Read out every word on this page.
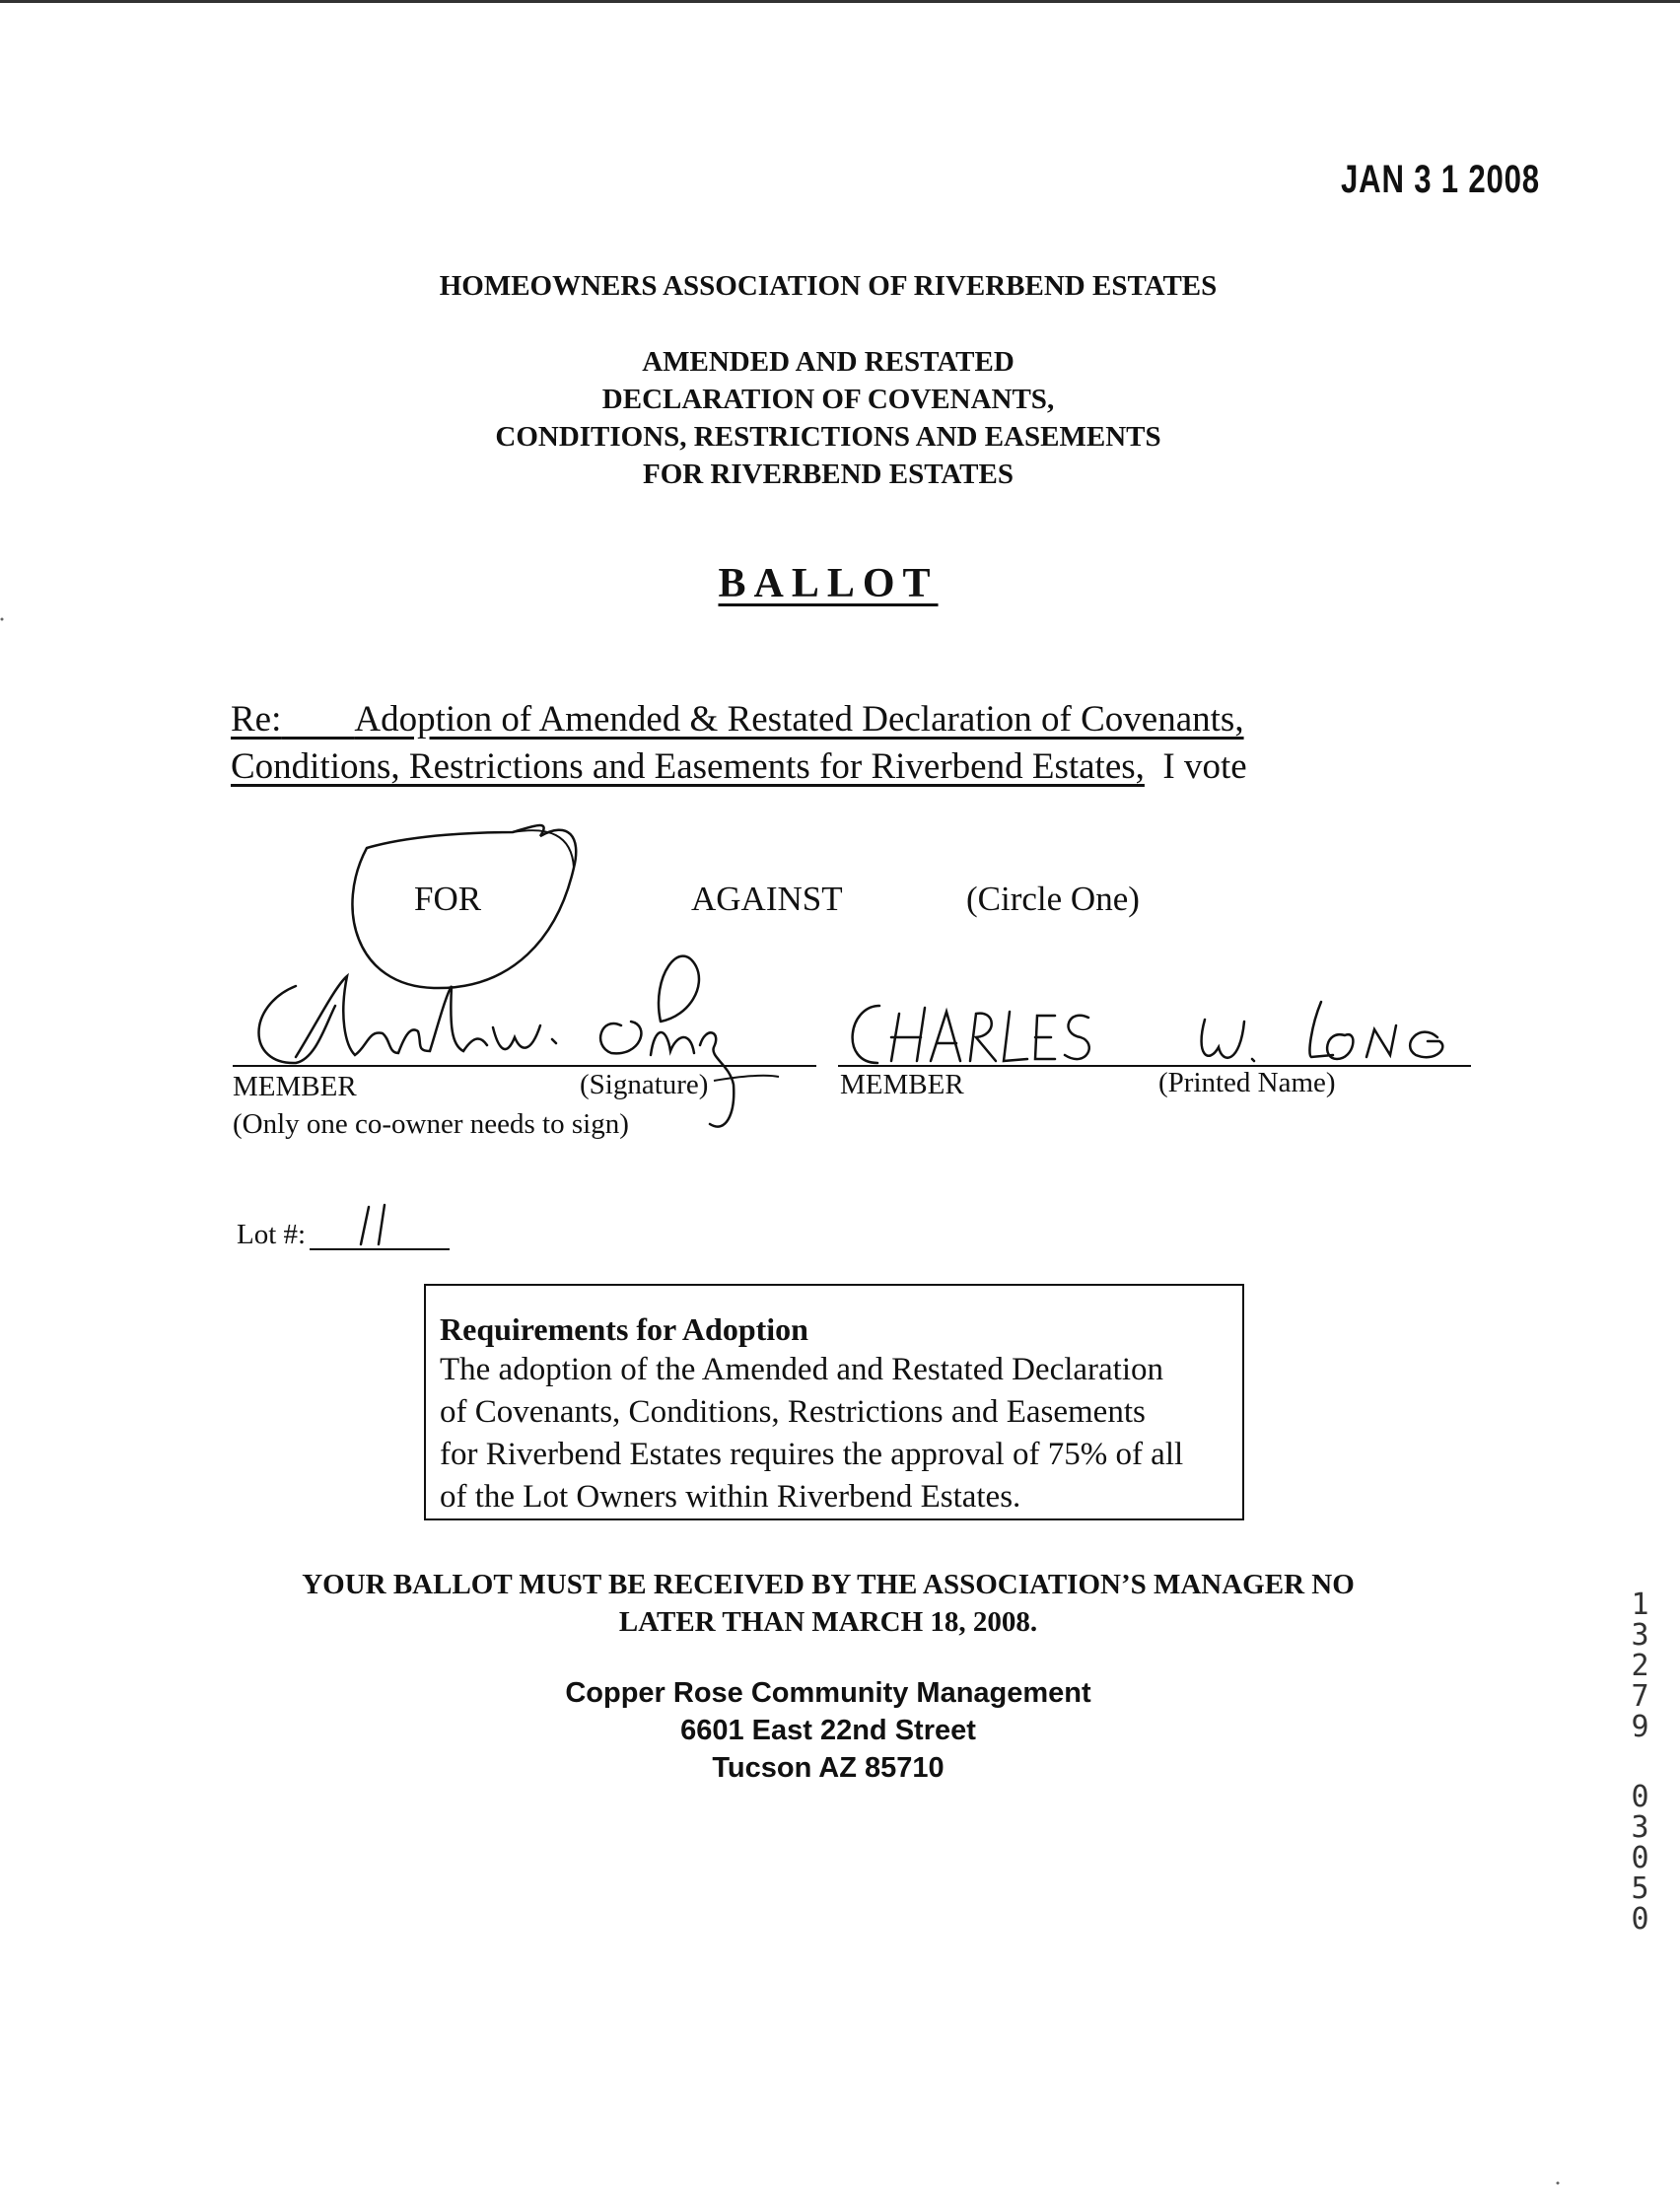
JAN 3 1 2008
HOMEOWNERS ASSOCIATION OF RIVERBEND ESTATES
AMENDED AND RESTATED
DECLARATION OF COVENANTS,
CONDITIONS, RESTRICTIONS AND EASEMENTS
FOR RIVERBEND ESTATES
BALLOT
Re: Adoption of Amended & Restated Declaration of Covenants,
Conditions, Restrictions and Easements for Riverbend Estates, I vote
FOR	AGAINST	(Circle One)
MEMBER	(Signature)	MEMBER	(Printed Name)
(Only one co-owner needs to sign)
Lot #:
Requirements for Adoption
The adoption of the Amended and Restated Declaration
of Covenants, Conditions, Restrictions and Easements
for Riverbend Estates requires the approval of 75% of all
of the Lot Owners within Riverbend Estates.
YOUR BALLOT MUST BE RECEIVED BY THE ASSOCIATION’S MANAGER NO
LATER THAN MARCH 18, 2008.
Copper Rose Community Management
6601 East 22nd Street
Tucson AZ 85710
13279
03050
